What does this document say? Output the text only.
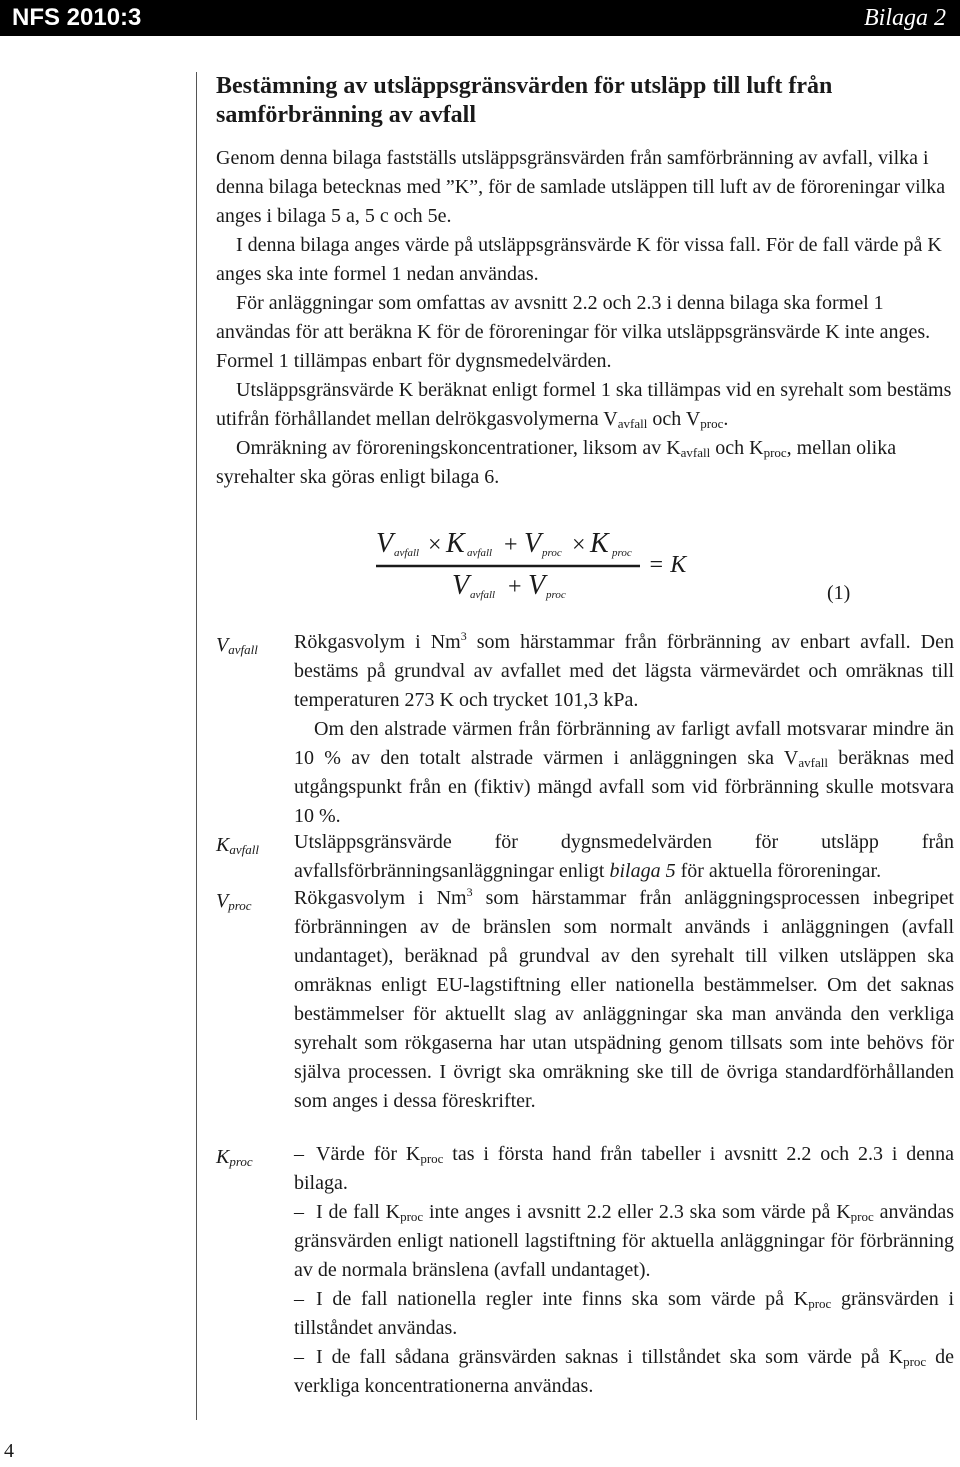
NFS 2010:3	Bilaga 2
4
Bestämning av utsläppsgränsvärden för utsläpp till luft från samförbränning av avfall

Genom denna bilaga fastställs utsläppsgränsvärden från samförbränning av avfall, vilka i denna bilaga betecknas med ”K”, för de samlade utsläppen till luft av de föroreningar vilka anges i bilaga 5 a, 5 c och 5e.

I denna bilaga anges värde på utsläppsgränsvärde K för vissa fall. För de fall värde på K anges ska inte formel 1 nedan användas.

För anläggningar som omfattas av avsnitt 2.2 och 2.3 i denna bilaga ska formel 1 användas för att beräkna K för de föroreningar för vilka utsläppsgränsvärde K inte anges. Formel 1 tillämpas enbart för dygnsmedelvärden.

Utsläppsgränsvärde K beräknat enligt formel 1 ska tillämpas vid en syrehalt som bestäms utifrån förhållandet mellan delrökgasvolymerna $V_{avfall}$ och $V_{proc}$.

Omräkning av föroreningskoncentrationer, liksom av $K_{avfall}$ och $K_{proc}$, mellan olika syrehalter ska göras enligt bilaga 6.

V avfall × K avfall + V proc × K proc
V avfall + V proc
= K
(1)
$V_{avfall}$ Rökgasvolym i Nm$^3$ som härstammar från förbränning av enbart avfall. Den bestäms på grundval av avfallet med det lägsta värmevärdet och omräknas till temperaturen 273 K och trycket 101,3 kPa.

Om den alstrade värmen från förbränning av farligt avfall motsvarar mindre än 10 % av den totalt alstrade värmen i anläggningen ska $V_{avfall}$ beräknas med utgångspunkt från en (fiktiv) mängd avfall som vid förbränning skulle motsvara 10 %.

$K_{avfall}$ Utsläppsgränsvärde för dygnsmedelvärden för utsläpp från avfallsförbränningsanläggningar enligt bilaga 5 för aktuella föroreningar.

$V_{proc}$ Rökgasvolym i Nm$^3$ som härstammar från anläggningsprocessen inbegripet förbränningen av de bränslen som normalt används i anläggningen (avfall undantaget), beräknad på grundval av den syrehalt till vilken utsläppen ska omräknas enligt EU-lagstiftning eller nationella bestämmelser. Om det saknas bestämmelser för aktuellt slag av anläggningar ska man använda den verkliga syrehalt som rökgaserna har utan utspädning genom tillsats som inte behövs för själva processen. I övrigt ska omräkning ske till de övriga standardförhållanden som anges i dessa föreskrifter.

$K_{proc}$ – Värde för $K_{proc}$ tas i första hand från tabeller i avsnitt 2.2 och 2.3 i denna bilaga.

– I de fall $K_{proc}$ inte anges i avsnitt 2.2 eller 2.3 ska som värde på $K_{proc}$ användas gränsvärden enligt nationell lagstiftning för aktuella anläggningar för förbränning av de normala bränslena (avfall undantaget).

– I de fall nationella regler inte finns ska som värde på $K_{proc}$ gränsvärden i tillståndet användas.

– I de fall sådana gränsvärden saknas i tillståndet ska som värde på $K_{proc}$ de verkliga koncentrationerna användas.
